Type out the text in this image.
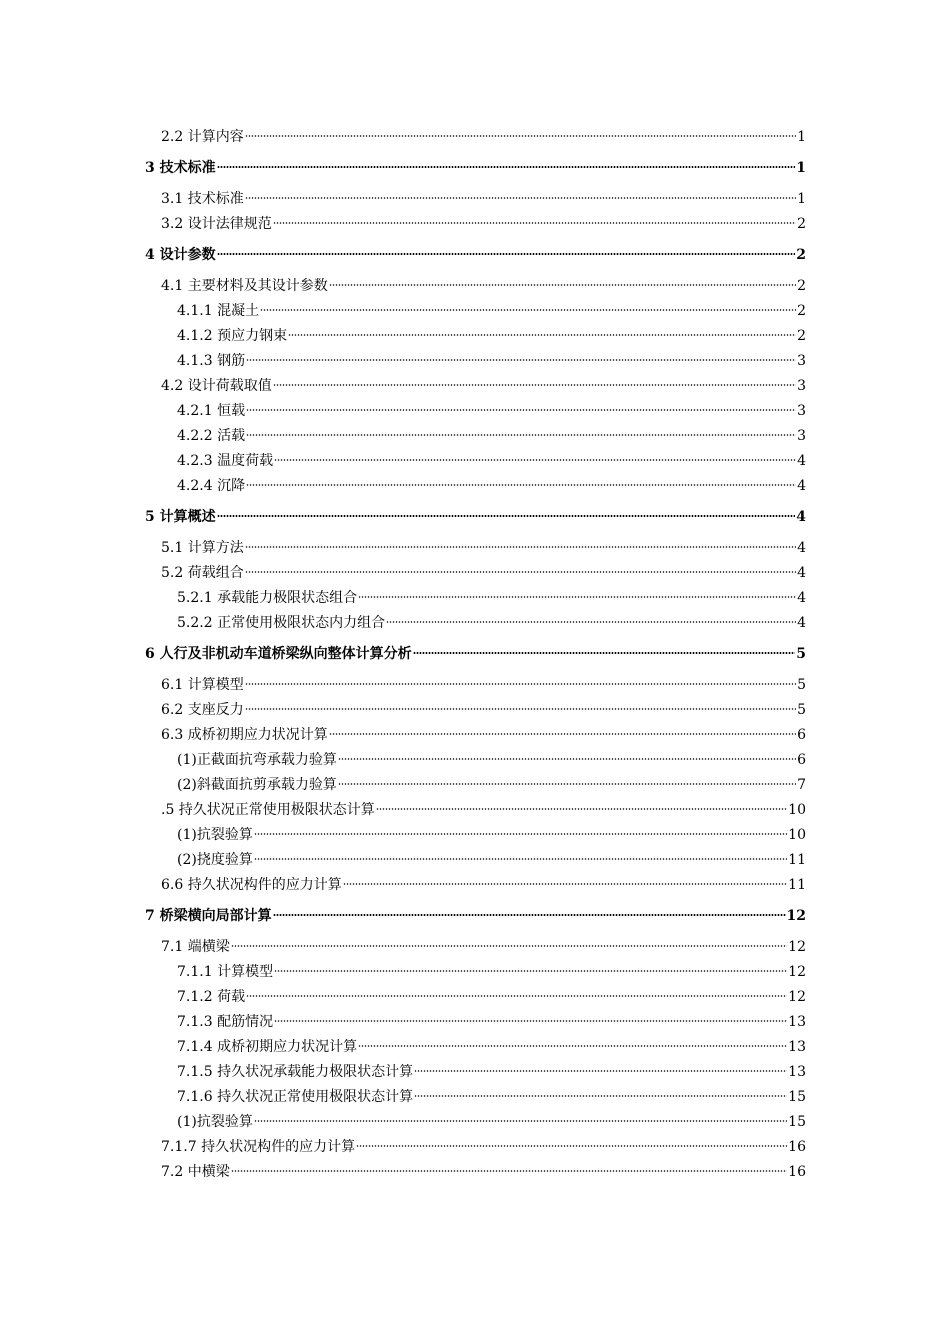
2.2 计算内容	1
3 技术标准	1
3.1 技术标准	1
3.2 设计法律规范	2
4 设计参数	2
4.1 主要材料及其设计参数	2
4.1.1 混凝土	2
4.1.2 预应力钢束	2
4.1.3 钢筋	3
4.2 设计荷载取值	3
4.2.1 恒载	3
4.2.2 活载	3
4.2.3 温度荷载	4
4.2.4 沉降	4
5 计算概述	4
5.1 计算方法	4
5.2 荷载组合	4
5.2.1 承载能力极限状态组合	4
5.2.2 正常使用极限状态内力组合	4
6 人行及非机动车道桥梁纵向整体计算分析	5
6.1 计算模型	5
6.2 支座反力	5
6.3 成桥初期应力状况计算	6
(1)正截面抗弯承载力验算	6
(2)斜截面抗剪承载力验算	7
.5 持久状况正常使用极限状态计算	10
(1)抗裂验算	10
(2)挠度验算	11
6.6 持久状况构件的应力计算	11
7 桥梁横向局部计算	12
7.1 端横梁	12
7.1.1 计算模型	12
7.1.2 荷载	12
7.1.3 配筋情况	13
7.1.4 成桥初期应力状况计算	13
7.1.5 持久状况承载能力极限状态计算	13
7.1.6 持久状况正常使用极限状态计算	15
(1)抗裂验算	15
7.1.7 持久状况构件的应力计算	16
7.2 中横梁	16
